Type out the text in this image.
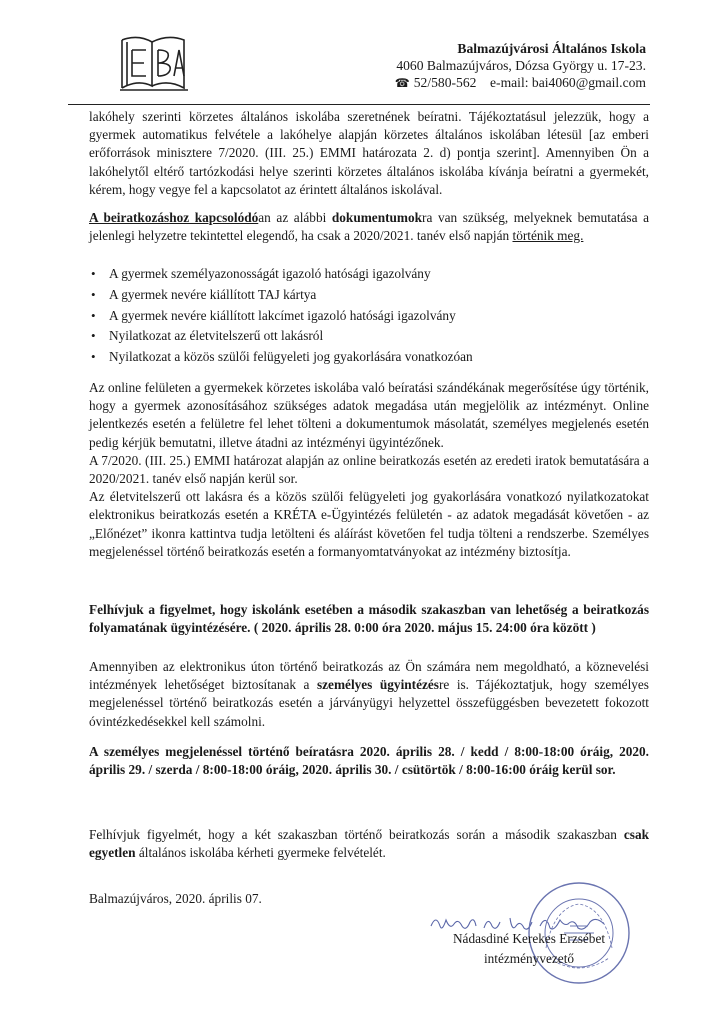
Balmazújvárosi Általános Iskola
4060 Balmazújváros, Dózsa György u. 17-23.
☎ 52/580-562 e-mail: bai4060@gmail.com
lakóhely szerinti körzetes általános iskolába szeretnének beíratni. Tájékoztatásul jelezzük, hogy a gyermek automatikus felvétele a lakóhelye alapján körzetes általános iskolában létesül [az emberi erőforrások minisztere 7/2020. (III. 25.) EMMI határozata 2. d) pontja szerint]. Amennyiben Ön a lakóhelytől eltérő tartózkodási helye szerinti körzetes általános iskolába kívánja beíratni a gyermekét, kérem, hogy vegye fel a kapcsolatot az érintett általános iskolával.
A beiratkozáshoz kapcsolódóan az alábbi dokumentumokra van szükség, melyeknek bemutatása a jelenlegi helyzetre tekintettel elegendő, ha csak a 2020/2021. tanév első napján történik meg.
• A gyermek személyazonosságát igazoló hatósági igazolvány
• A gyermek nevére kiállított TAJ kártya
• A gyermek nevére kiállított lakcímet igazoló hatósági igazolvány
• Nyilatkozat az életvitelszerű ott lakásról
• Nyilatkozat a közös szülői felügyeleti jog gyakorlására vonatkozóan
Az online felületen a gyermekek körzetes iskolába való beíratási szándékának megerősítése úgy történik, hogy a gyermek azonosításához szükséges adatok megadása után megjelölik az intézményt. Online jelentkezés esetén a felületre fel lehet tölteni a dokumentumok másolatát, személyes megjelenés esetén pedig kérjük bemutatni, illetve átadni az intézményi ügyintézőnek.
A 7/2020. (III. 25.) EMMI határozat alapján az online beiratkozás esetén az eredeti iratok bemutatására a 2020/2021. tanév első napján kerül sor.
Az életvitelszerű ott lakásra és a közös szülői felügyeleti jog gyakorlására vonatkozó nyilatkozatokat elektronikus beiratkozás esetén a KRÉTA e-Ügyintézés felületén - az adatok megadását követően - az „Előnézet” ikonra kattintva tudja letölteni és aláírást követően fel tudja tölteni a rendszerbe. Személyes megjelenéssel történő beiratkozás esetén a formanyomtatványokat az intézmény biztosítja.
Felhívjuk a figyelmet, hogy iskolánk esetében a második szakaszban van lehetőség a beiratkozás folyamatának ügyintézésére. ( 2020. április 28. 0:00 óra 2020. május 15. 24:00 óra között )
Amennyiben az elektronikus úton történő beiratkozás az Ön számára nem megoldható, a köznevelési intézmények lehetőséget biztosítanak a személyes ügyintézésre is. Tájékoztatjuk, hogy személyes megjelenéssel történő beiratkozás esetén a járványügyi helyzettel összefüggésben bevezetett fokozott óvintézkedésekkel kell számolni.
A személyes megjelenéssel történő beíratásra 2020. április 28. / kedd / 8:00-18:00 óráig, 2020. április 29. / szerda / 8:00-18:00 óráig, 2020. április 30. / csütörtök / 8:00-16:00 óráig kerül sor.
Felhívjuk figyelmét, hogy a két szakaszban történő beiratkozás során a második szakaszban csak egyetlen általános iskolába kérheti gyermeke felvételét.
Balmazújváros, 2020. április 07.
Nádasdiné Kerekes Erzsébet
intézményvezető
